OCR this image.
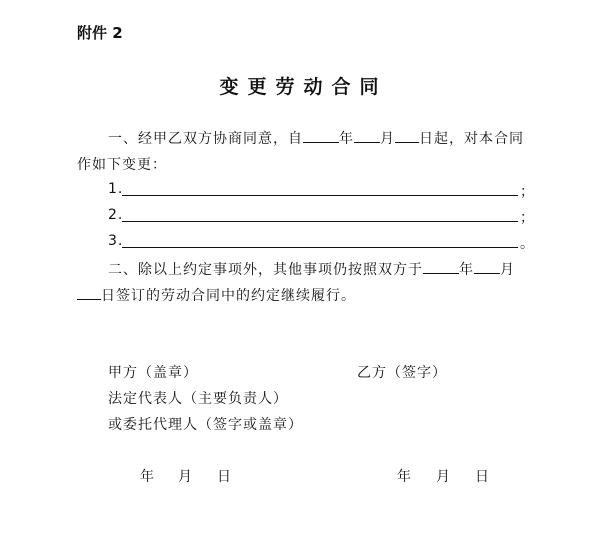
附件 2
变更劳动合同
一、经甲乙双方协商同意，自	年 月 日起，对本合同
作如下变更：
1.	；
2.	；
3.	。
二、除以上约定事项外，其他事项仍按照双方于	年 月
日签订的劳动合同中的约定继续履行。
甲方（盖章）	乙方（签字）
法定代表人（主要负责人）
或委托代理人（签字或盖章）
年 月 日	年 月 日
